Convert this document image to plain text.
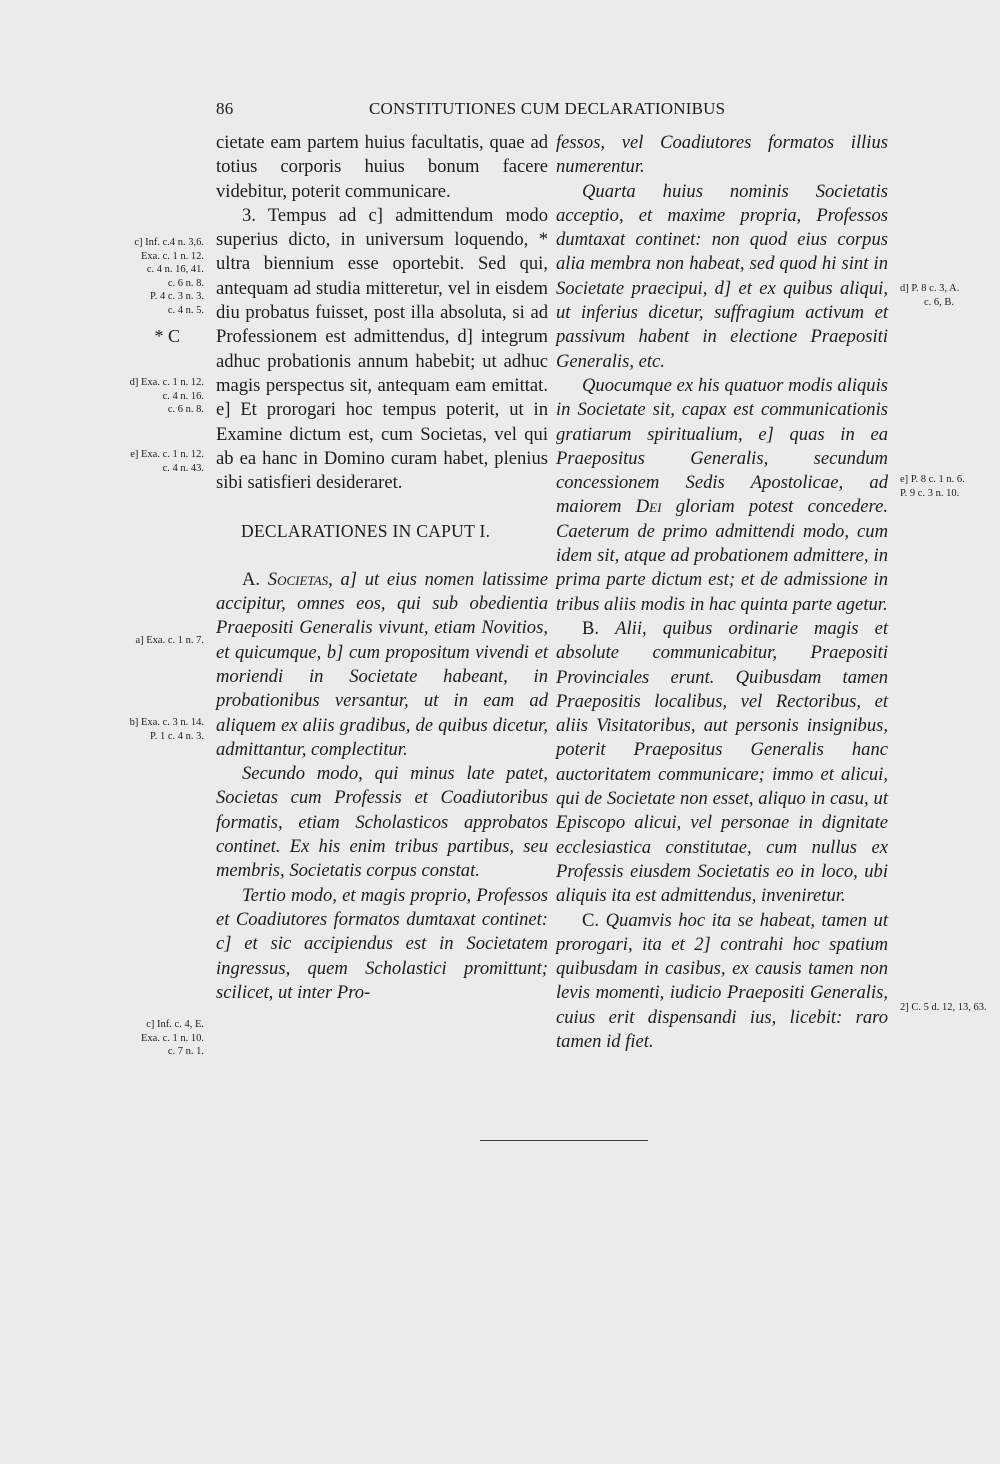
86	CONSTITUTIONES CUM DECLARATIONIBUS

cietate eam partem huius facultatis, quae ad totius corporis huius bonum facere videbitur, poterit communicare.

3. Tempus ad c] admittendum modo superius dicto, in universum loquendo, * ultra biennium esse oportebit. Sed qui, antequam ad studia mitteretur, vel in eisdem diu probatus fuisset, post illa absoluta, si ad Professionem est admittendus, d] integrum adhuc probationis annum habebit; ut adhuc magis perspectus sit, antequam eam emittat. e] Et prorogari hoc tempus poterit, ut in Examine dictum est, cum Societas, vel qui ab ea hanc in Domino curam habet, plenius sibi satisfieri desideraret.

DECLARATIONES IN CAPUT I.

A. Societas, a] ut eius nomen latissime accipitur, omnes eos, qui sub obedientia Praepositi Generalis vivunt, etiam Novitios, et quicumque, b] cum propositum vivendi et moriendi in Societate habeant, in probationibus versantur, ut in eam ad aliquem ex aliis gradibus, de quibus dicetur, admittantur, complectitur.

Secundo modo, qui minus late patet, Societas cum Professis et Coadiutoribus formatis, etiam Scholasticos approbatos continet. Ex his enim tribus partibus, seu membris, Societatis corpus constat.

Tertio modo, et magis proprio, Professos et Coadiutores formatos dumtaxat continet: c] et sic accipiendus est in Societatem ingressus, quem Scholastici promittunt; scilicet, ut inter Pro-

fessos, vel Coadiutores formatos illius numerentur.

Quarta huius nominis Societatis acceptio, et maxime propria, Professos dumtaxat continet: non quod eius corpus alia membra non habeat, sed quod hi sint in Societate praecipui, d] et ex quibus aliqui, ut inferius dicetur, suffragium activum et passivum habent in electione Praepositi Generalis, etc.

Quocumque ex his quatuor modis aliquis in Societate sit, capax est communicationis gratiarum spiritualium, e] quas in ea Praepositus Generalis, secundum concessionem Sedis Apostolicae, ad maiorem Dei gloriam potest concedere. Caeterum de primo admittendi modo, cum idem sit, atque ad probationem admittere, in prima parte dictum est; et de admissione in tribus aliis modis in hac quinta parte agetur.

B. Alii, quibus ordinarie magis et absolute communicabitur, Praepositi Provinciales erunt. Quibusdam tamen Praepositis localibus, vel Rectoribus, et aliis Visitatoribus, aut personis insignibus, poterit Praepositus Generalis hanc auctoritatem communicare; immo et alicui, qui de Societate non esset, aliquo in casu, ut Episcopo alicui, vel personae in dignitate ecclesiastica constitutae, cum nullus ex Professis eiusdem Societatis eo in loco, ubi aliquis ita est admittendus, inveniretur.

C. Quamvis hoc ita se habeat, tamen ut prorogari, ita et 2] contrahi hoc spatium quibusdam in casibus, ex causis tamen non levis momenti, iudicio Praepositi Generalis, cuius erit dispensandi ius, licebit: raro tamen id fiet.

c] Inf. c.4 n. 3,6.
Exa. c. 1 n. 12.
c. 4 n. 16, 41.
c. 6 n. 8.
P. 4 c. 3 n. 3.
c. 4 n. 5.
* C
d] Exa. c. 1 n. 12.
c. 4 n. 16.
c. 6 n. 8.
e] Exa. c. 1 n. 12.
c. 4 n. 43.
a] Exa. c. 1 n. 7.
b] Exa. c. 3 n. 14.
P. 1 c. 4 n. 3.
c] Inf. c. 4, E.
Exa. c. 1 n. 10.
c. 7 n. 1.
d] P. 8 c. 3, A.
c. 6, B.
e] P. 8 c. 1 n. 6.
P. 9 c. 3 n. 10.
2] C. 5 d. 12, 13, 63.
